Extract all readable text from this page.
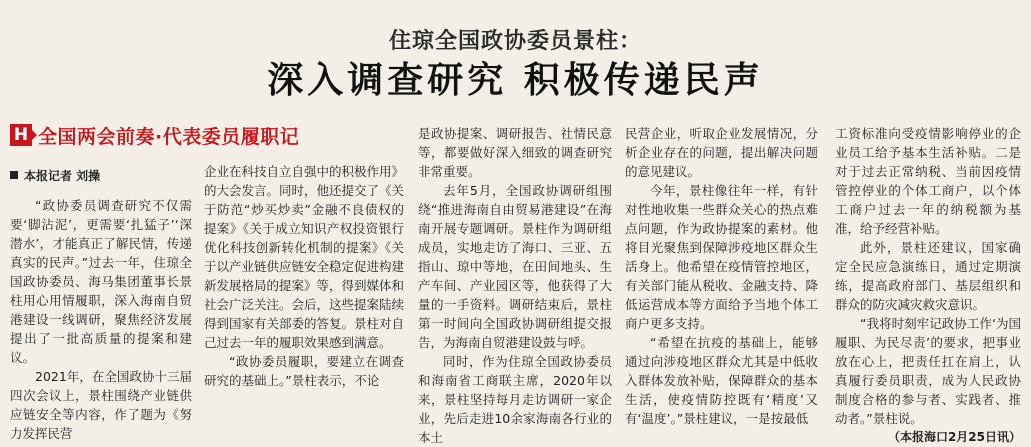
住琼全国政协委员景柱：
深入调查研究 积极传递民声
H 全国两会前奏·代表委员履职记
本报记者 刘操

“政协委员调查研究不仅需要‘脚沾泥’，更需要‘扎猛子’‘深潜水’，才能真正了解民情，传递真实的民声。”过去一年，住琼全国政协委员、海马集团董事长景柱用心用情履职，深入海南自贸港建设一线调研，聚焦经济发展提出了一批高质量的提案和建议。

2021年，在全国政协十三届四次会议上，景柱围绕产业链供应链安全等内容，作了题为《努力发挥民营

企业在科技自立自强中的积极作用》的大会发言。同时，他还提交了《关于防范“炒买炒卖”金融不良债权的提案》《关于成立知识产权投资银行优化科技创新转化机制的提案》《关于以产业链供应链安全稳定促进构建新发展格局的提案》等，得到媒体和社会广泛关注。会后，这些提案陆续得到国家有关部委的答复。景柱对自己过去一年的履职效果感到满意。

“政协委员履职，要建立在调查研究的基础上。”景柱表示，不论

是政协提案、调研报告、社情民意等，都要做好深入细致的调查研究非常重要。

去年5月，全国政协调研组围绕“推进海南自由贸易港建设”在海南开展专题调研。景柱作为调研组成员，实地走访了海口、三亚、五指山、琼中等地，在田间地头、生产车间、产业园区等，他获得了大量的一手资料。调研结束后，景柱第一时间向全国政协调研组提交报告，为海南自贸港建设鼓与呼。

同时，作为住琼全国政协委员和海南省工商联主席，2020年以来，景柱坚持每月走访调研一家企业，先后走进10余家海南各行业的本土

民营企业，听取企业发展情况，分析企业存在的问题，提出解决问题的意见建议。

今年，景柱像往年一样，有针对性地收集一些群众关心的热点难点问题，作为政协提案的素材。他将目光聚焦到保障涉疫地区群众生活身上。他希望在疫情管控地区，有关部门能从税收、金融支持、降低运营成本等方面给予当地个体工商户更多支持。

“希望在抗疫的基础上，能够通过向涉疫地区群众尤其是中低收入群体发放补贴，保障群众的基本生活，使疫情防控既有‘精度’又有‘温度’。”景柱建议，一是按最低

工资标准向受疫情影响停业的企业员工给予基本生活补贴。二是对于过去正常纳税、当前因疫情管控停业的个体工商户，以个体工商户过去一年的纳税额为基准，给予经营补贴。

此外，景柱还建议，国家确定全民应急演练日，通过定期演练，提高政府部门、基层组织和群众的防灾减灾救灾意识。

“我将时刻牢记政协工作‘为国履职、为民尽责’的要求，把事业放在心上，把责任扛在肩上，认真履行委员职责，成为人民政协制度合格的参与者、实践者、推动者。”景柱说。

（本报海口2月25日讯）
